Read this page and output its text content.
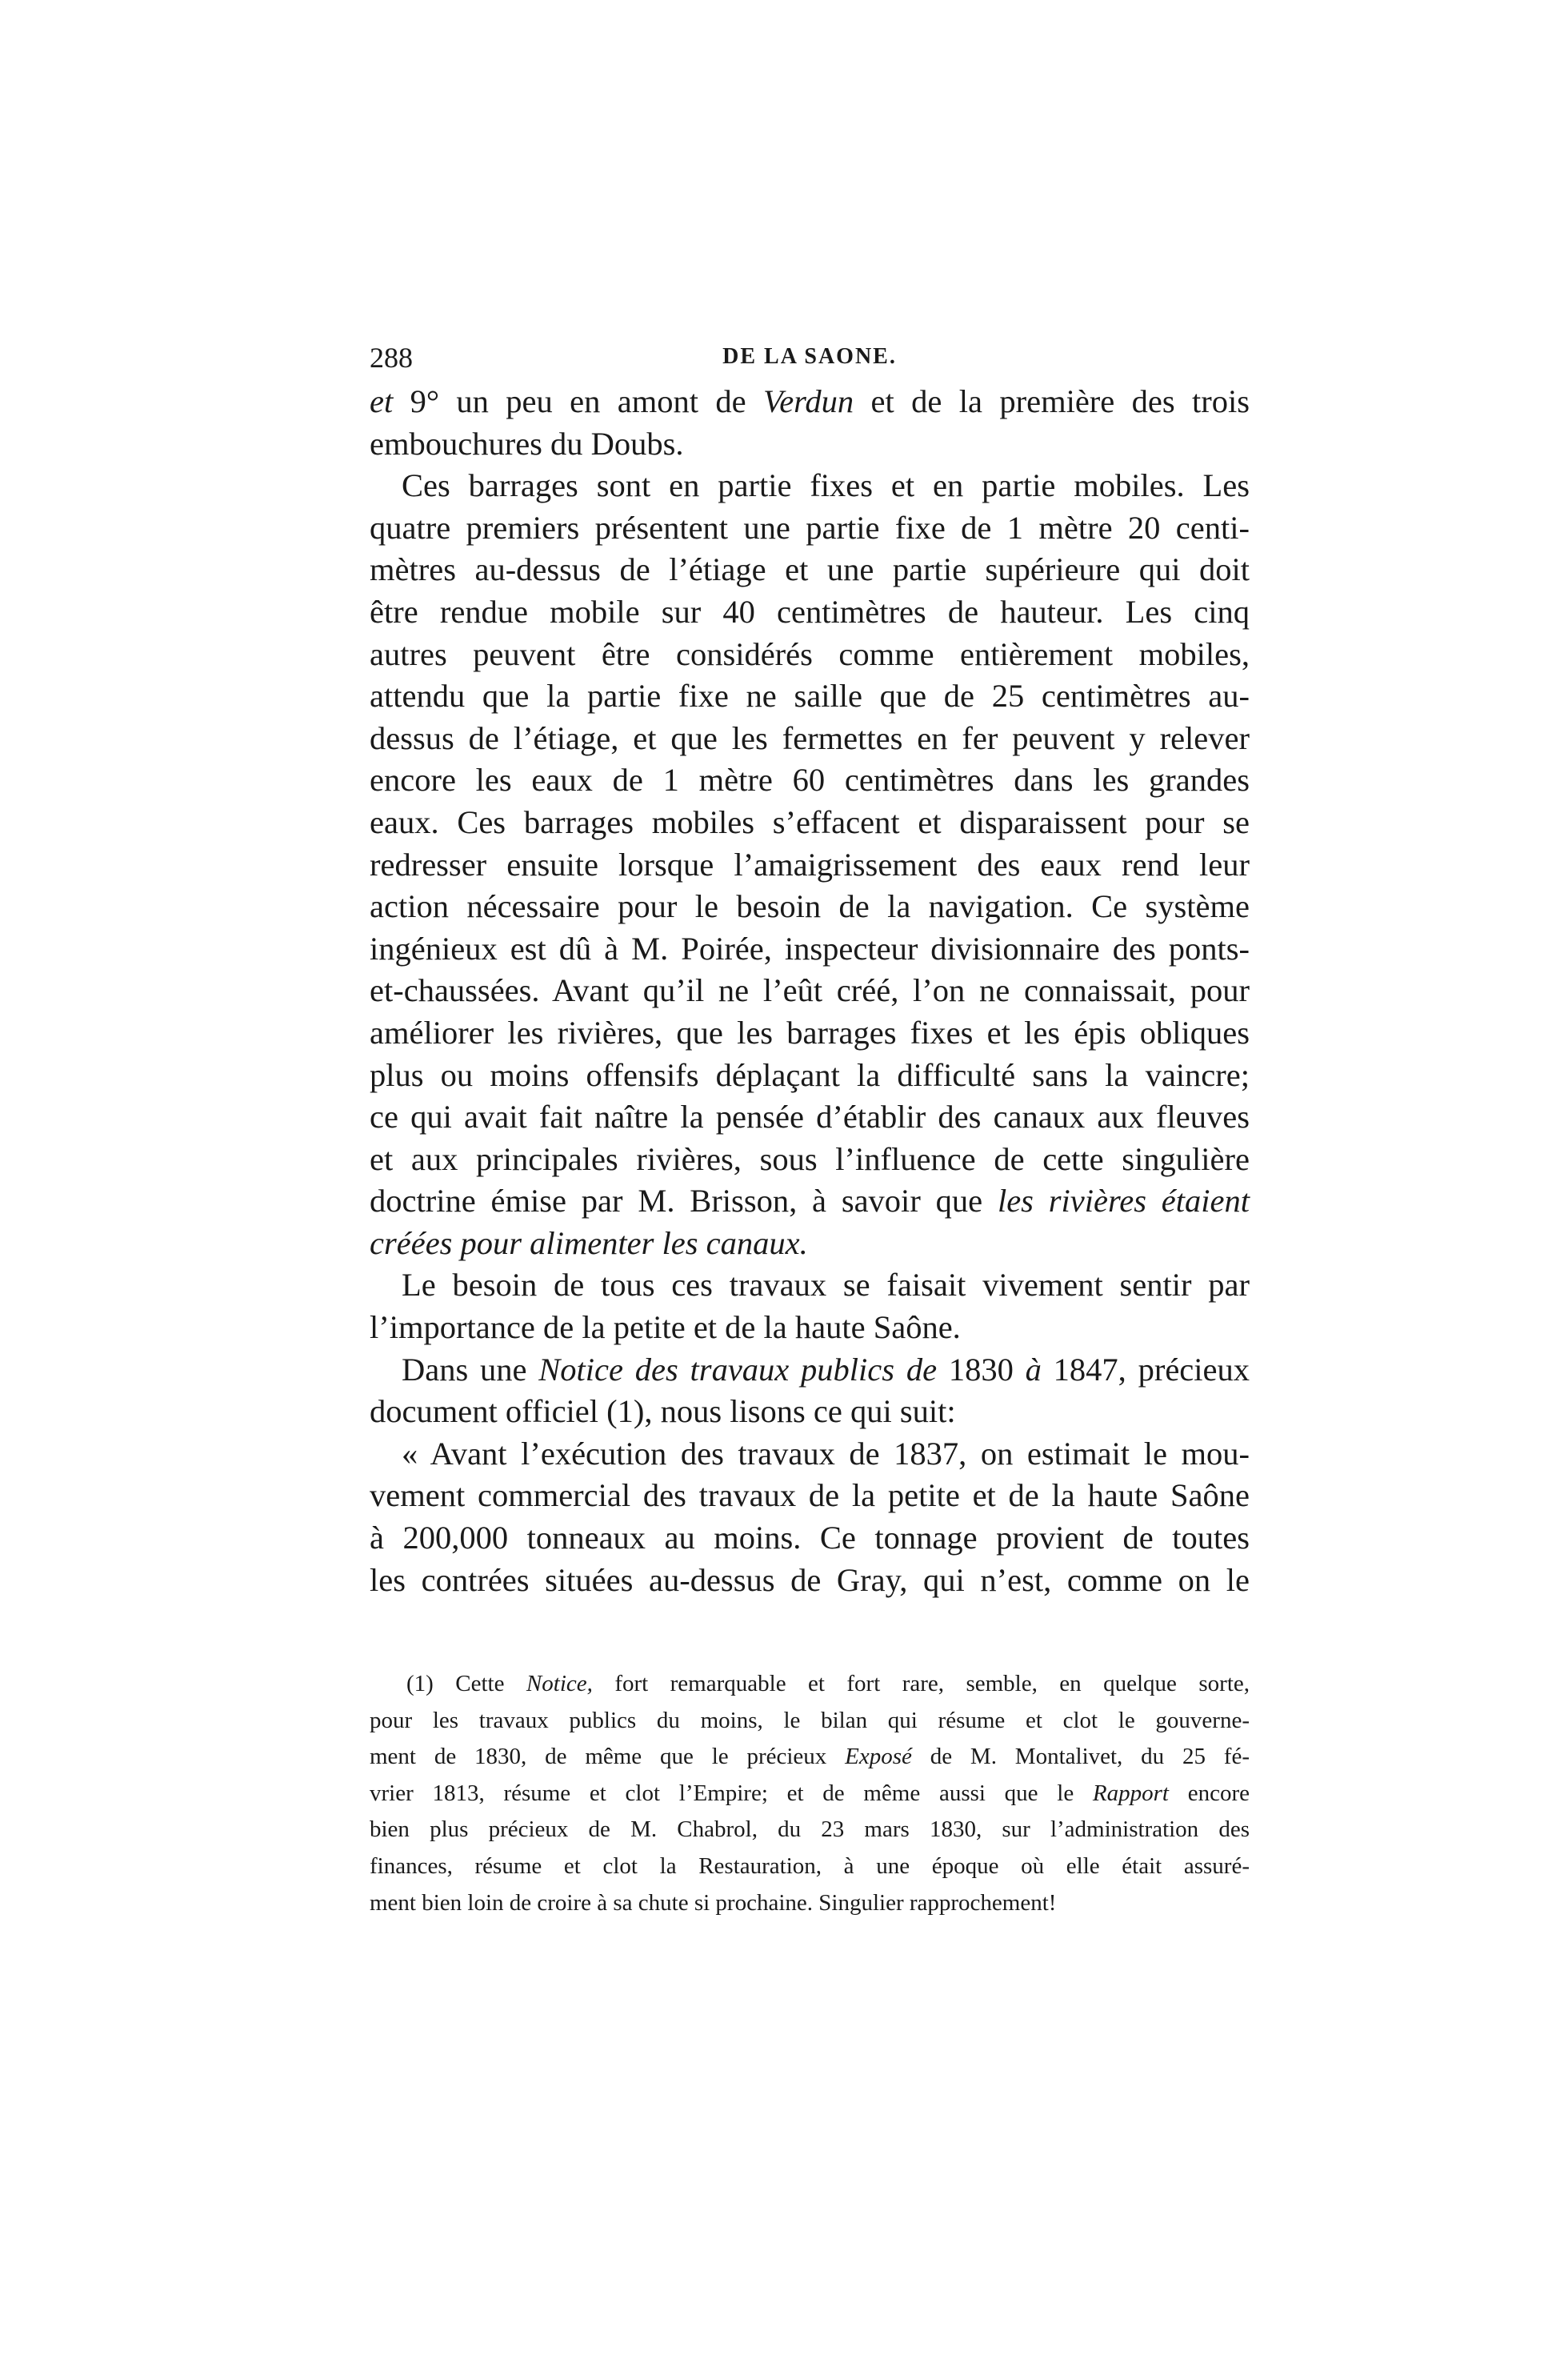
288	DE LA SAONE.
et 9° un peu en amont de Verdun et de la première des trois
embouchures du Doubs.
Ces barrages sont en partie fixes et en partie mobiles. Les
quatre premiers présentent une partie fixe de 1 mètre 20 centi-
mètres au-dessus de l’étiage et une partie supérieure qui doit
être rendue mobile sur 40 centimètres de hauteur. Les cinq
autres peuvent être considérés comme entièrement mobiles,
attendu que la partie fixe ne saille que de 25 centimètres au-
dessus de l’étiage, et que les fermettes en fer peuvent y relever
encore les eaux de 1 mètre 60 centimètres dans les grandes
eaux. Ces barrages mobiles s’effacent et disparaissent pour se
redresser ensuite lorsque l’amaigrissement des eaux rend leur
action nécessaire pour le besoin de la navigation. Ce système
ingénieux est dû à M. Poirée, inspecteur divisionnaire des ponts-
et-chaussées. Avant qu’il ne l’eût créé, l’on ne connaissait, pour
améliorer les rivières, que les barrages fixes et les épis obliques
plus ou moins offensifs déplaçant la difficulté sans la vaincre;
ce qui avait fait naître la pensée d’établir des canaux aux fleuves
et aux principales rivières, sous l’influence de cette singulière
doctrine émise par M. Brisson, à savoir que les rivières étaient
créées pour alimenter les canaux.
Le besoin de tous ces travaux se faisait vivement sentir par
l’importance de la petite et de la haute Saône.
Dans une Notice des travaux publics de 1830 à 1847, précieux
document officiel (1), nous lisons ce qui suit:
« Avant l’exécution des travaux de 1837, on estimait le mou-
vement commercial des travaux de la petite et de la haute Saône
à 200,000 tonneaux au moins. Ce tonnage provient de toutes
les contrées situées au-dessus de Gray, qui n’est, comme on le
(1) Cette Notice, fort remarquable et fort rare, semble, en quelque sorte,
pour les travaux publics du moins, le bilan qui résume et clot le gouverne-
ment de 1830, de même que le précieux Exposé de M. Montalivet, du 25 fé-
vrier 1813, résume et clot l’Empire; et de même aussi que le Rapport encore
bien plus précieux de M. Chabrol, du 23 mars 1830, sur l’administration des
finances, résume et clot la Restauration, à une époque où elle était assuré-
ment bien loin de croire à sa chute si prochaine. Singulier rapprochement!
